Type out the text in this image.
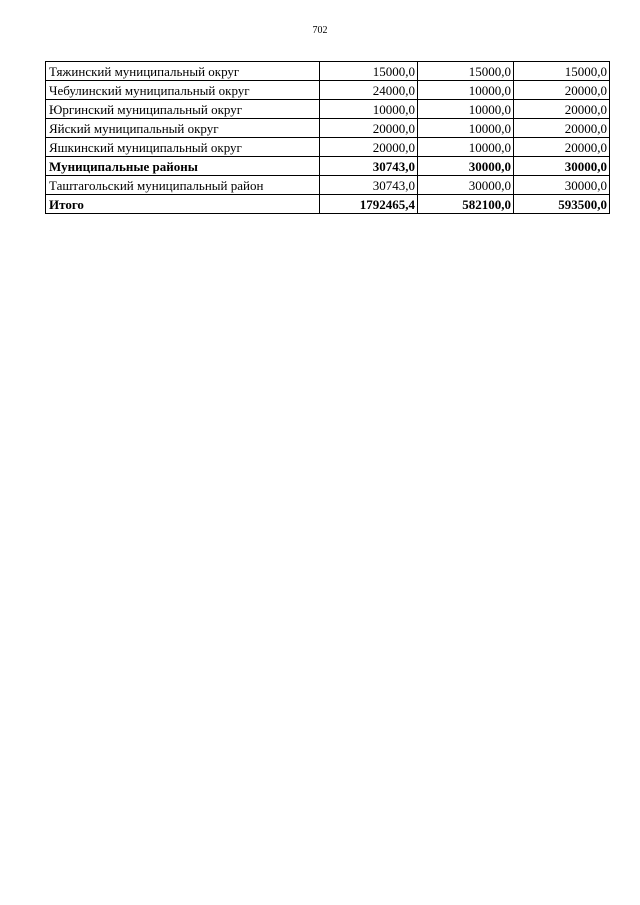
702
Тяжинский муниципальный округ	15000,0	15000,0	15000,0
Чебулинский муниципальный округ	24000,0	10000,0	20000,0
Юргинский муниципальный округ	10000,0	10000,0	20000,0
Яйский муниципальный округ	20000,0	10000,0	20000,0
Яшкинский муниципальный округ	20000,0	10000,0	20000,0
Муниципальные районы	30743,0	30000,0	30000,0
Таштагольский муниципальный район	30743,0	30000,0	30000,0
Итого	1792465,4	582100,0	593500,0
